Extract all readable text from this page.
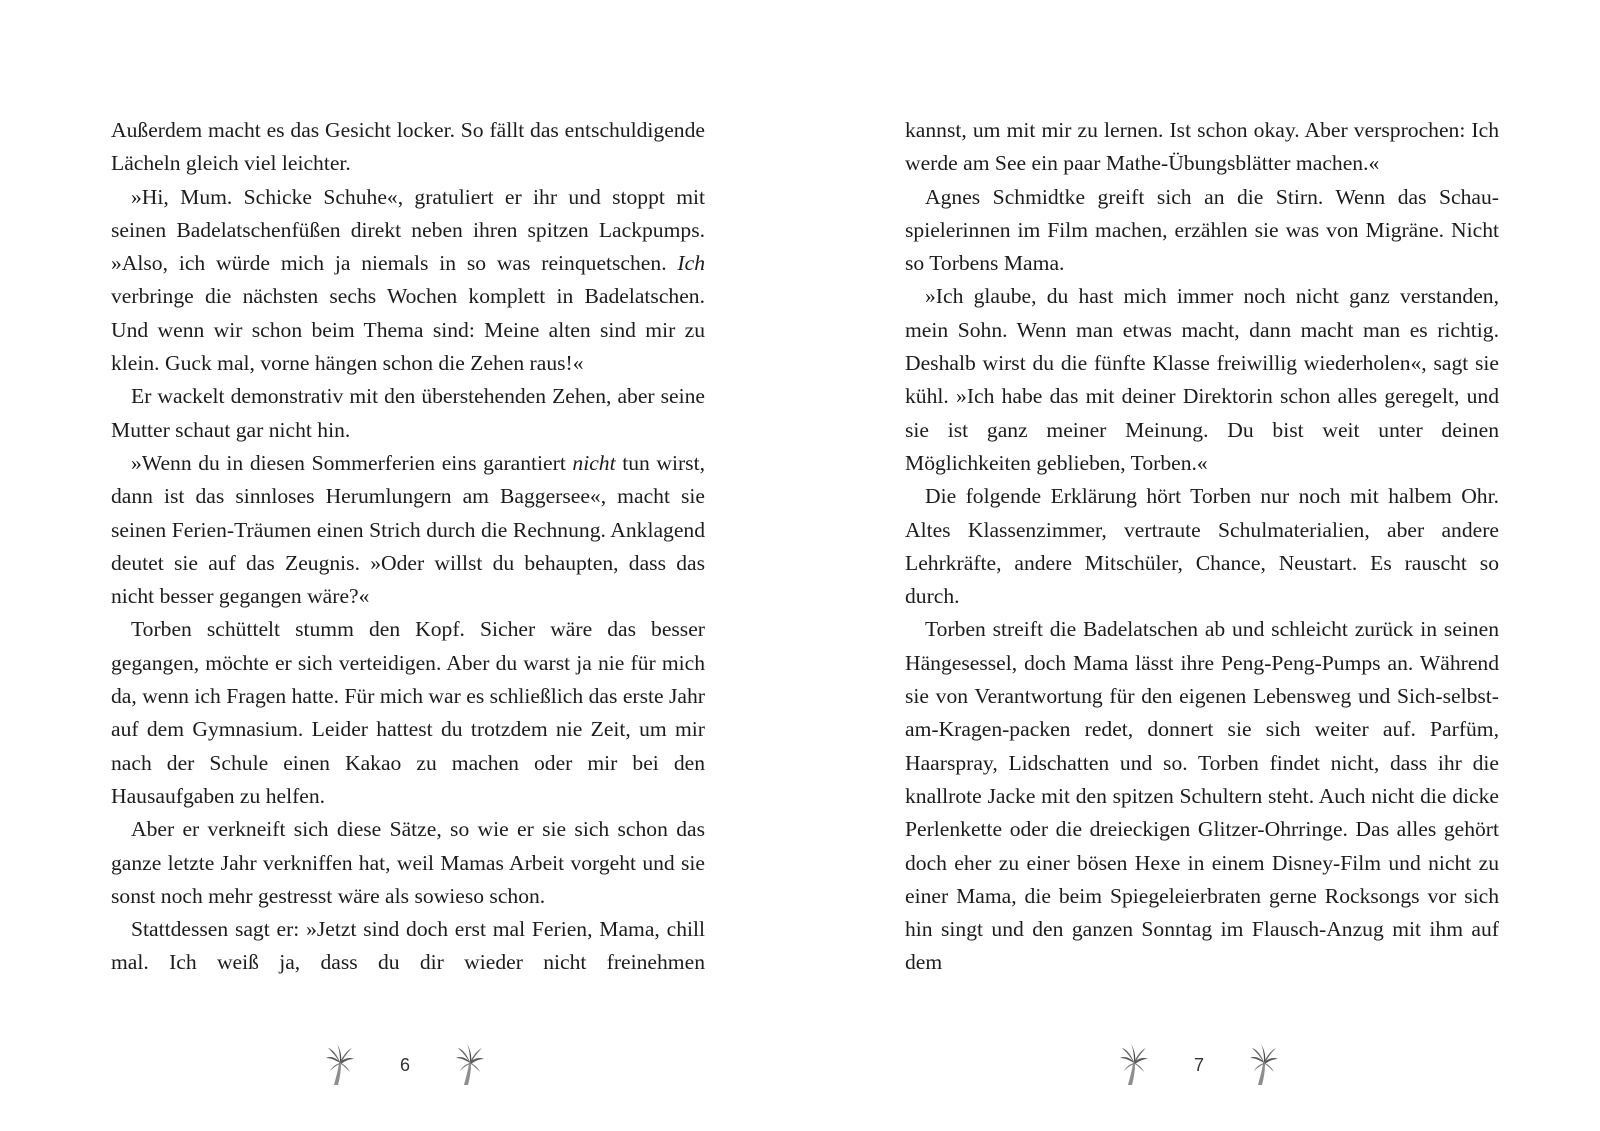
Außerdem macht es das Gesicht locker. So fällt das entschuldigende Lächeln gleich viel leichter.

»Hi, Mum. Schicke Schuhe«, gratuliert er ihr und stoppt mit seinen Badelatschenfüßen direkt neben ihren spitzen Lackpumps. »Also, ich würde mich ja niemals in so was reinquetschen. Ich verbringe die nächsten sechs Wochen komplett in Badelatschen. Und wenn wir schon beim Thema sind: Meine alten sind mir zu klein. Guck mal, vorne hängen schon die Zehen raus!«

Er wackelt demonstrativ mit den überstehenden Zehen, aber seine Mutter schaut gar nicht hin.

»Wenn du in diesen Sommerferien eins garantiert nicht tun wirst, dann ist das sinnloses Herumlungern am Baggersee«, macht sie seinen Ferien-Träumen einen Strich durch die Rechnung. Anklagend deutet sie auf das Zeugnis. »Oder willst du behaupten, dass das nicht besser gegangen wäre?«

Torben schüttelt stumm den Kopf. Sicher wäre das besser gegangen, möchte er sich verteidigen. Aber du warst ja nie für mich da, wenn ich Fragen hatte. Für mich war es schließlich das erste Jahr auf dem Gymnasium. Leider hattest du trotzdem nie Zeit, um mir nach der Schule einen Kakao zu machen oder mir bei den Hausaufgaben zu helfen.

Aber er verkneift sich diese Sätze, so wie er sie sich schon das ganze letzte Jahr verkniffen hat, weil Mamas Arbeit vorgeht und sie sonst noch mehr gestresst wäre als sowieso schon.

Stattdessen sagt er: »Jetzt sind doch erst mal Ferien, Mama, chill mal. Ich weiß ja, dass du dir wieder nicht freinehmen

6

kannst, um mit mir zu lernen. Ist schon okay. Aber versprochen: Ich werde am See ein paar Mathe-Übungsblätter machen.«

Agnes Schmidtke greift sich an die Stirn. Wenn das Schauspielerinnen im Film machen, erzählen sie was von Migräne. Nicht so Torbens Mama.

»Ich glaube, du hast mich immer noch nicht ganz verstanden, mein Sohn. Wenn man etwas macht, dann macht man es richtig. Deshalb wirst du die fünfte Klasse freiwillig wiederholen«, sagt sie kühl. »Ich habe das mit deiner Direktorin schon alles geregelt, und sie ist ganz meiner Meinung. Du bist weit unter deinen Möglichkeiten geblieben, Torben.«

Die folgende Erklärung hört Torben nur noch mit halbem Ohr. Altes Klassenzimmer, vertraute Schulmaterialien, aber andere Lehrkräfte, andere Mitschüler, Chance, Neustart. Es rauscht so durch.

Torben streift die Badelatschen ab und schleicht zurück in seinen Hängesessel, doch Mama lässt ihre Peng-Peng-Pumps an. Während sie von Verantwortung für den eigenen Lebensweg und Sich-selbst-am-Kragen-packen redet, donnert sie sich weiter auf. Parfüm, Haarspray, Lidschatten und so. Torben findet nicht, dass ihr die knallrote Jacke mit den spitzen Schultern steht. Auch nicht die dicke Perlenkette oder die dreieckigen Glitzer-Ohrringe. Das alles gehört doch eher zu einer bösen Hexe in einem Disney-Film und nicht zu einer Mama, die beim Spiegeleierbraten gerne Rocksongs vor sich hin singt und den ganzen Sonntag im Flausch-Anzug mit ihm auf dem

7
